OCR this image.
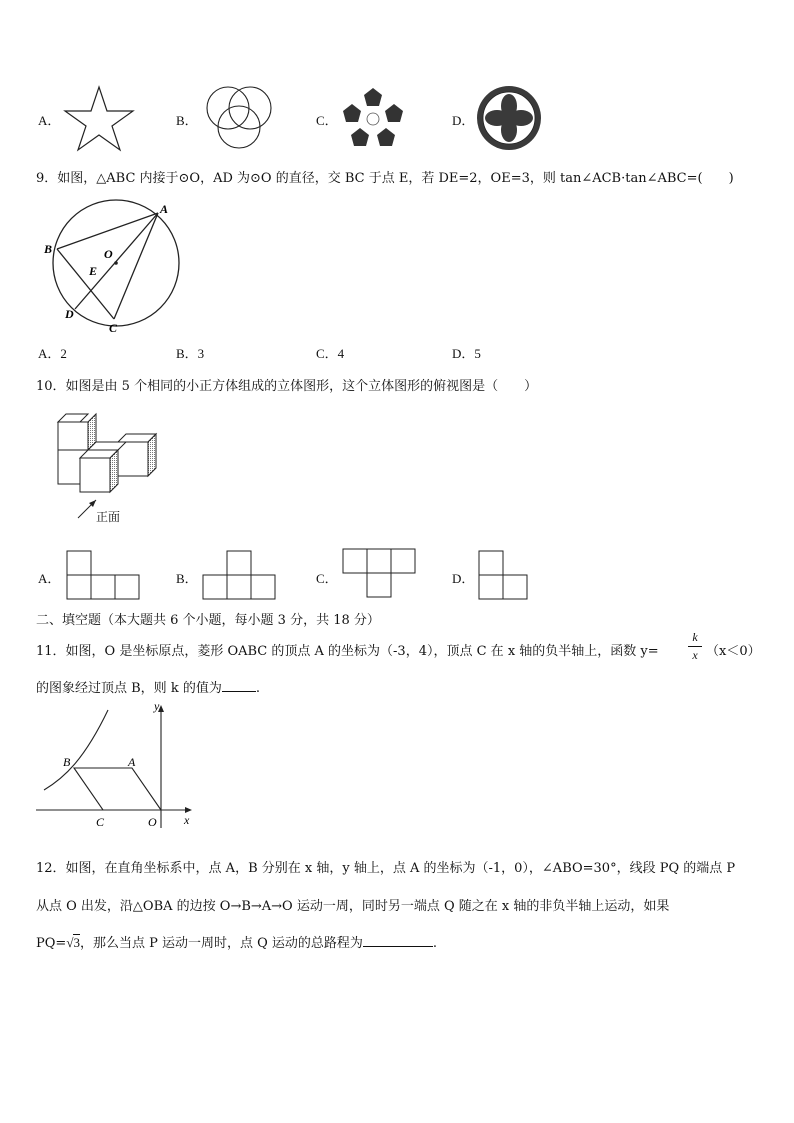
A．	B．	C．	D．
9．如图，△ABC 内接于⊙O，AD 为⊙O 的直径，交 BC 于点 E，若 DE=2，OE=3，则 tan∠ACB·tan∠ABC=(　　)
A
B	O
E
D
C
A．2	B．3	C．4	D．5
10．如图是由 5 个相同的小正方体组成的立体图形，这个立体图形的俯视图是（　　）
正面
A．	B．	C．	D．
二、填空题（本大题共 6 个小题，每小题 3 分，共 18 分）
11．如图，O 是坐标原点，菱形 OABC 的顶点 A 的坐标为（-3，4），顶点 C 在 x 轴的负半轴上，函数 y=
k
x （x＜0）
的图象经过顶点 B，则 k 的值为	.
y
x
B	A
C	O
12．如图，在直角坐标系中，点 A，B 分别在 x 轴，y 轴上，点 A 的坐标为（-1，0），∠ABO=30°，线段 PQ 的端点 P
从点 O 出发，沿△OBA 的边按 O→B→A→O 运动一周，同时另一端点 Q 随之在 x 轴的非负半轴上运动，如果
PQ=√3，那么当点 P 运动一周时，点 Q 运动的总路程为	.
